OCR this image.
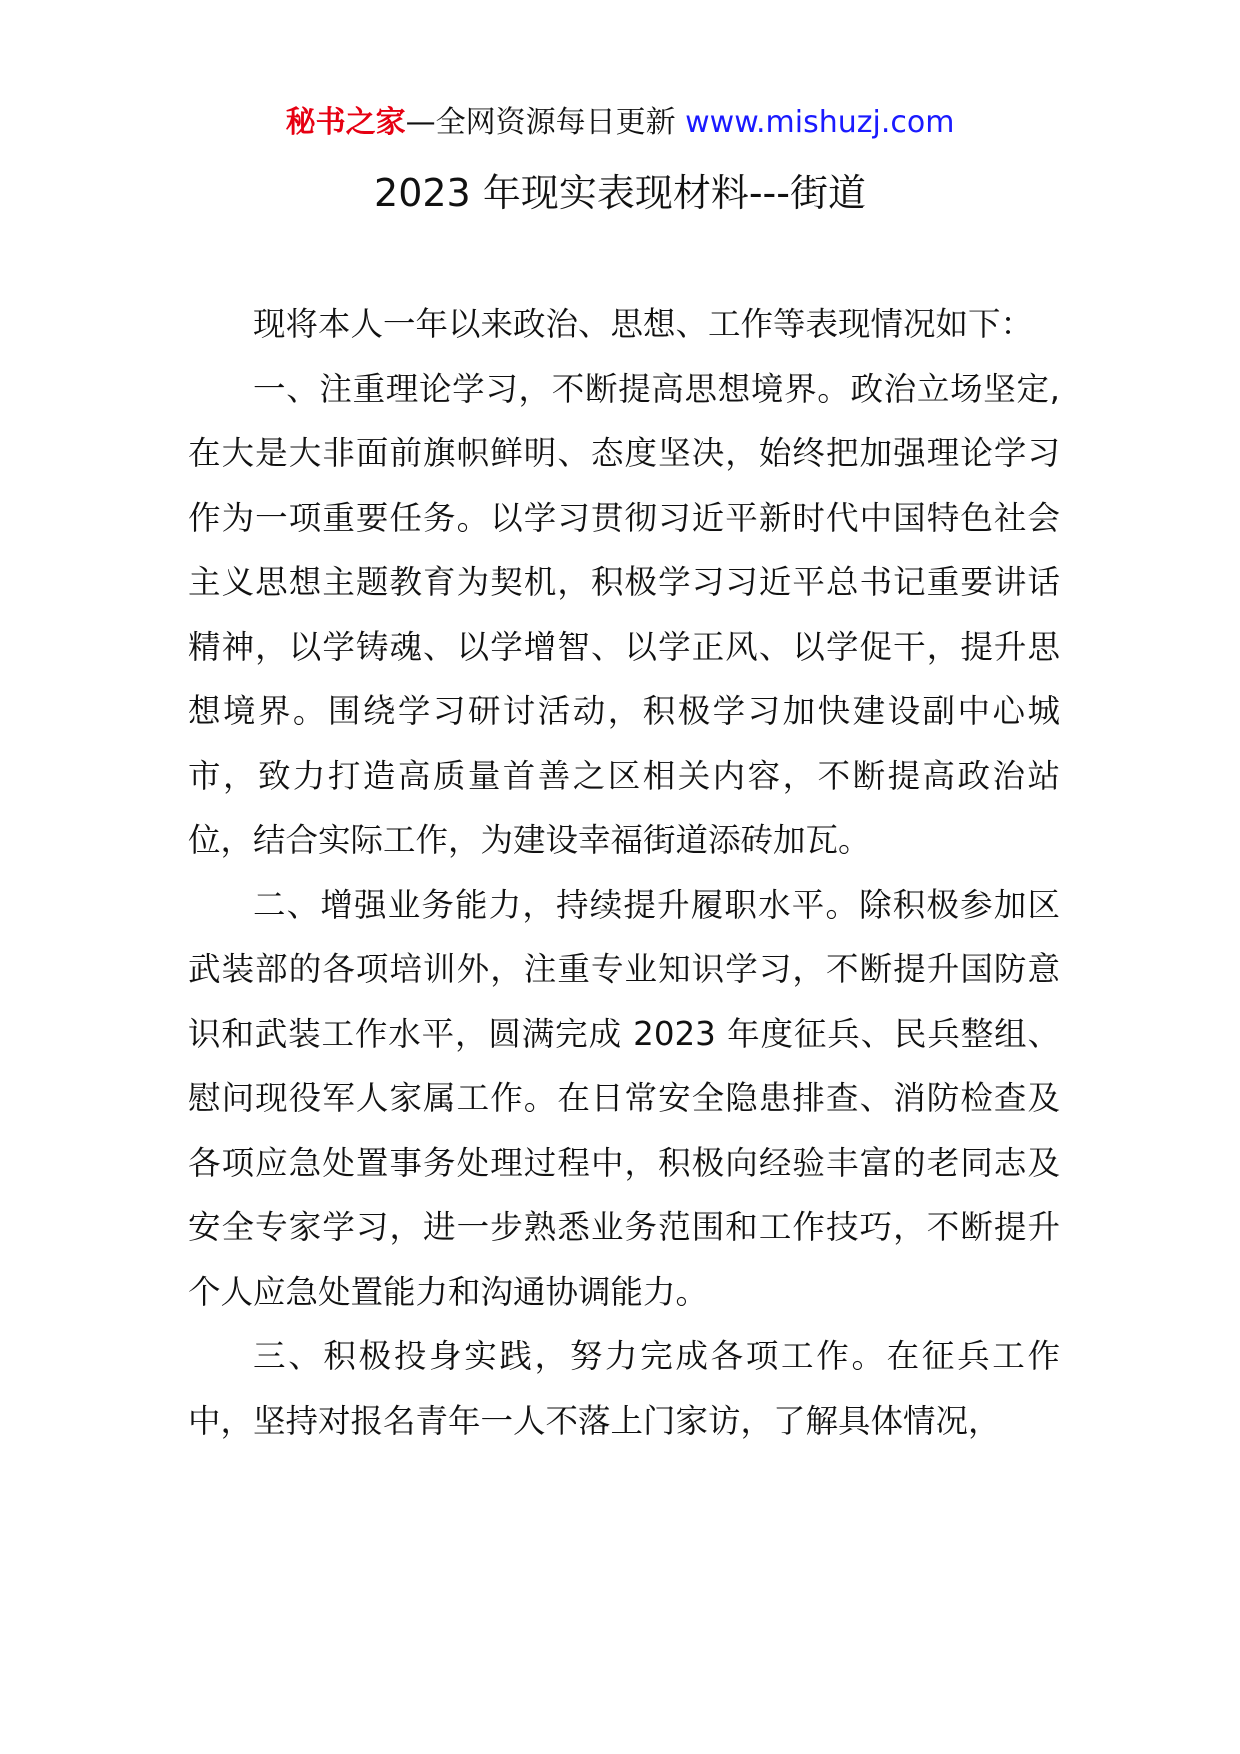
秘书之家—全网资源每日更新 www.mishuzj.com
2023 年现实表现材料---街道

现将本人一年以来政治、思想、工作等表现情况如下：

一、注重理论学习，不断提高思想境界。政治立场坚定,在大是大非面前旗帜鲜明、态度坚决，始终把加强理论学习作为一项重要任务。以学习贯彻习近平新时代中国特色社会主义思想主题教育为契机，积极学习习近平总书记重要讲话精神，以学铸魂、以学增智、以学正风、以学促干，提升思想境界。围绕学习研讨活动，积极学习加快建设副中心城市，致力打造高质量首善之区相关内容，不断提高政治站位，结合实际工作，为建设幸福街道添砖加瓦。

二、增强业务能力，持续提升履职水平。除积极参加区武装部的各项培训外，注重专业知识学习，不断提升国防意识和武装工作水平，圆满完成 2023 年度征兵、民兵整组、慰问现役军人家属工作。在日常安全隐患排查、消防检查及各项应急处置事务处理过程中，积极向经验丰富的老同志及安全专家学习，进一步熟悉业务范围和工作技巧，不断提升个人应急处置能力和沟通协调能力。

三、积极投身实践，努力完成各项工作。在征兵工作中，坚持对报名青年一人不落上门家访，了解具体情况，
